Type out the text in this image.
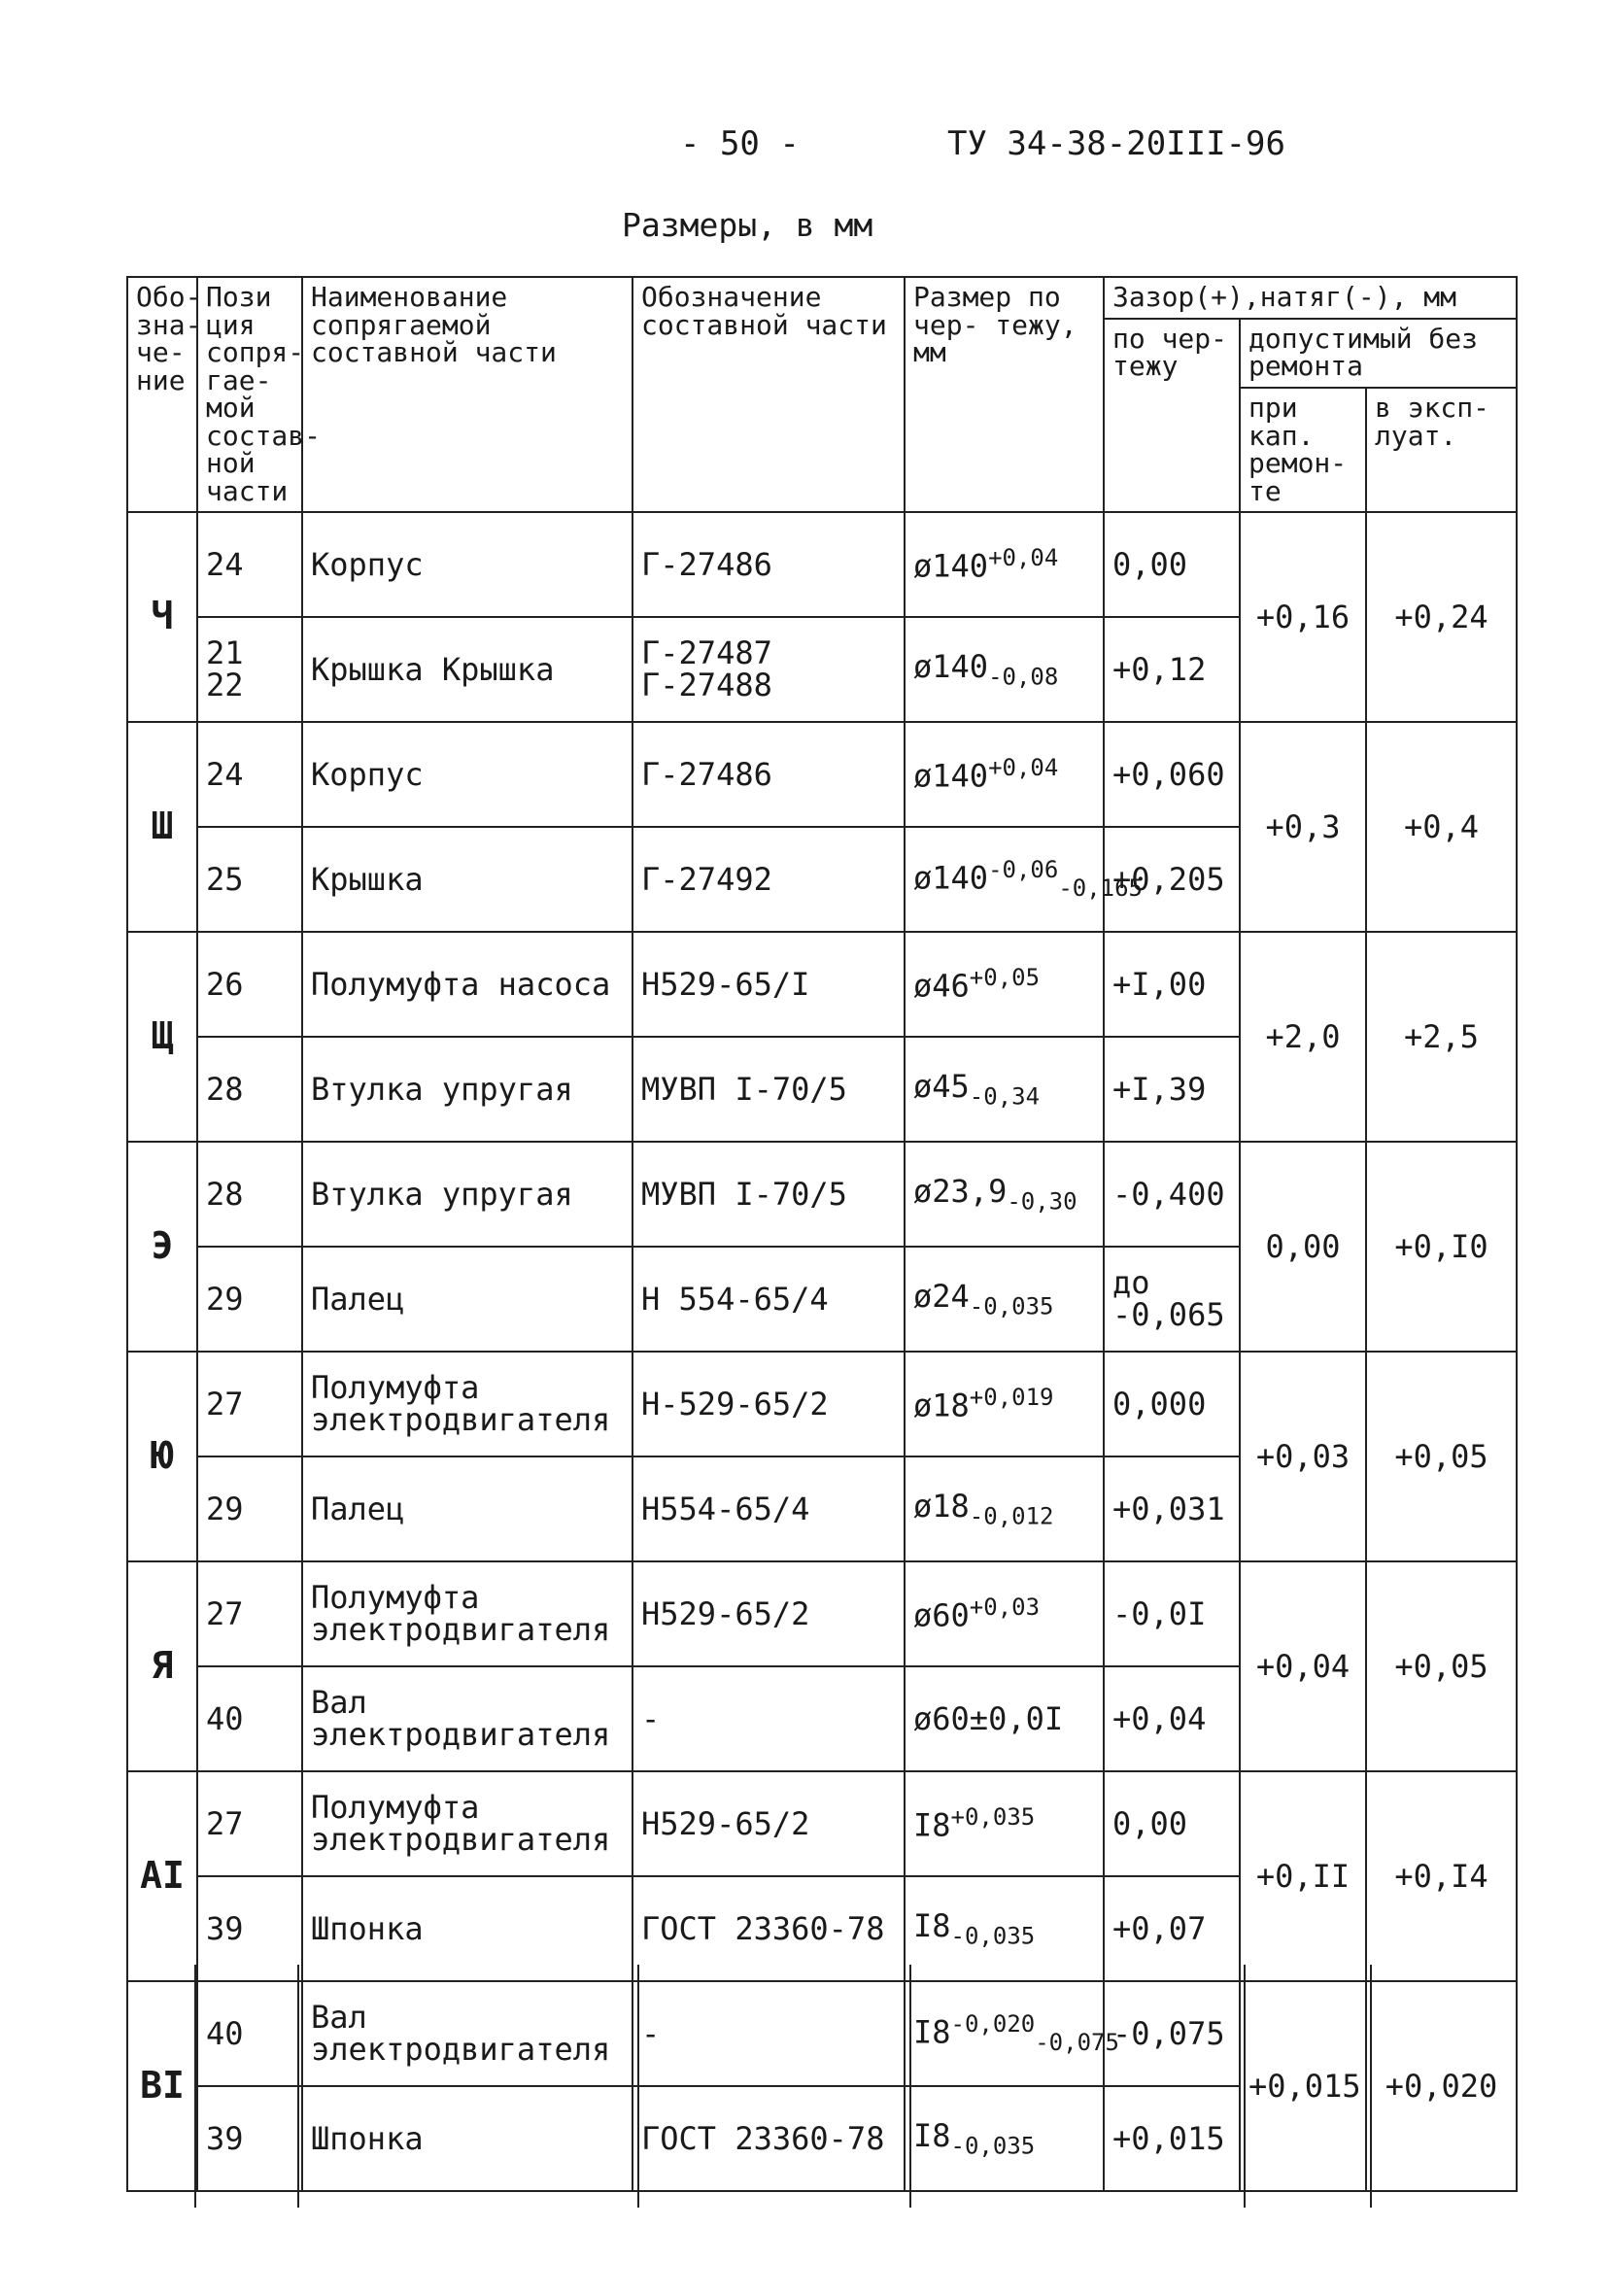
- 50 -	ТУ 34-38-20III-96
Размеры, в мм
Обо- зна- че- ние	Пози ция сопря- гае- мой состав- ной части	Наименование сопрягаемой составной части	Обозначение составной части	Размер по чер- тежу, мм	Зазор(+),натяг(-), мм		
					по чер- тежу	допустимый без ремонта	
						при кап. ремон- те	в эксп- луат.
Ч	24	Корпус	Г-27486	$ø140^{+0,04}$	0,00	+0,16	+0,24
	21 22	Крышка Крышка	Г-27487 Г-27488	$ø140_{-0,08}$	+0,12		
Ш	24	Корпус	Г-27486	$ø140^{+0,04}$	+0,060	+0,3	+0,4
	25	Крышка	Г-27492	$ø140^{-0,06}_{-0,165}$	+0,205		
Щ	26	Полумуфта насоса	Н529-65/I	$ø46^{+0,05}$	+I,00	+2,0	+2,5
	28	Втулка упругая	МУВП I-70/5	$ø45_{-0,34}$	+I,39		
Э	28	Втулка упругая	МУВП I-70/5	$ø23,9_{-0,30}$	-0,400	0,00	+0,I0
	29	Палец	Н 554-65/4	$ø24_{-0,035}$	до -0,065		
Ю	27	Полумуфта электродвигателя	Н-529-65/2	$ø18^{+0,019}$	0,000	+0,03	+0,05
	29	Палец	Н554-65/4	$ø18_{-0,012}$	+0,031		
Я	27	Полумуфта электродвигателя	Н529-65/2	$ø60^{+0,03}$	-0,0I	+0,04	+0,05
	40	Вал электродвигателя	-	ø60±0,0I	+0,04		
АI	27	Полумуфта электродвигателя	Н529-65/2	$I8^{+0,035}$	0,00	+0,II	+0,I4
	39	Шпонка	ГОСТ 23360-78	$I8_{-0,035}$	+0,07		
ВI	40	Вал электродвигателя	-	$I8^{-0,020}_{-0,075}$	-0,075	+0,015	+0,020
	39	Шпонка	ГОСТ 23360-78	$I8_{-0,035}$	+0,015		
